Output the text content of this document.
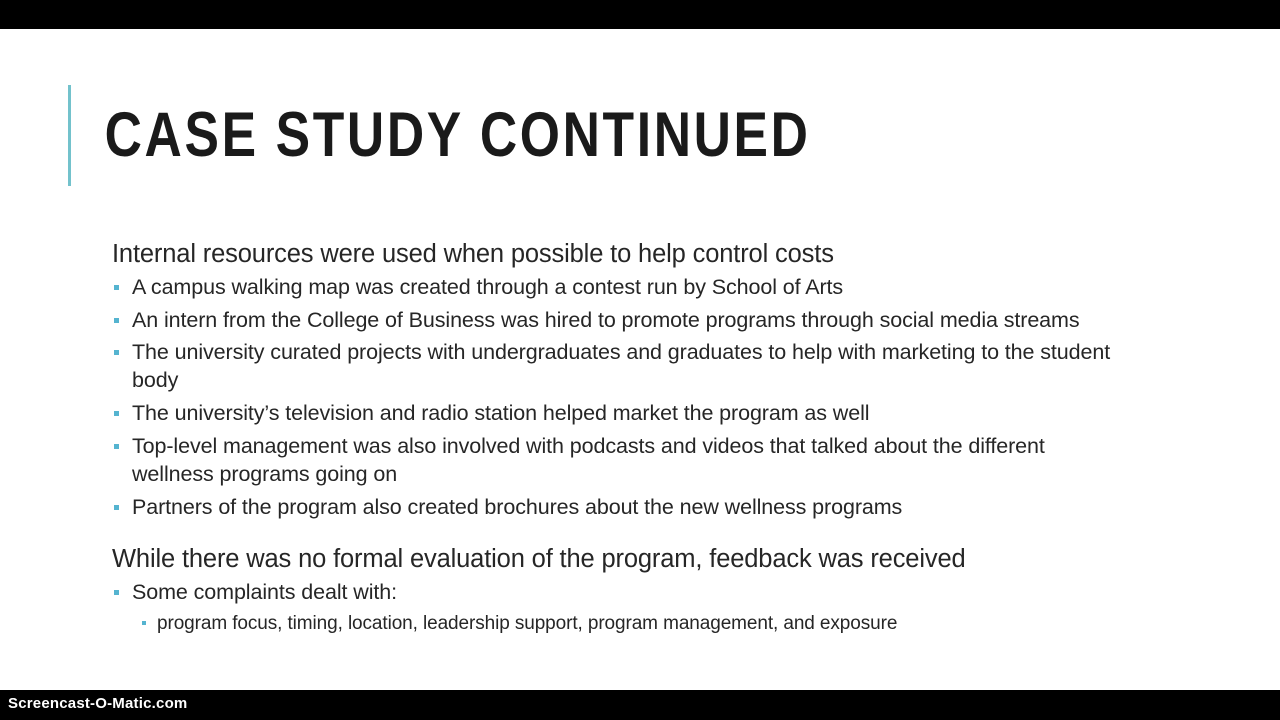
CASE STUDY CONTINUED

Internal resources were used when possible to help control costs

A campus walking map was created through a contest run by School of Arts
An intern from the College of Business was hired to promote programs through social media streams
The university curated projects with undergraduates and graduates to help with marketing to the student body
The university’s television and radio station helped market the program as well
Top-level management was also involved with podcasts and videos that talked about the different wellness programs going on
Partners of the program also created brochures about the new wellness programs

While there was no formal evaluation of the program, feedback was received

Some complaints dealt with:
program focus, timing, location, leadership support, program management, and exposure
Screencast-O-Matic.com
